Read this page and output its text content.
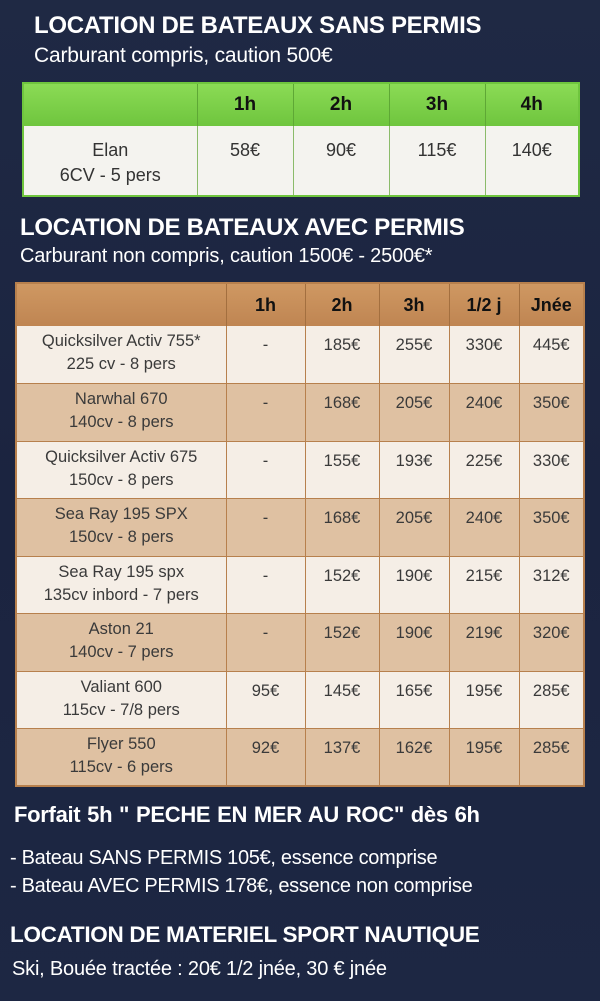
LOCATION DE BATEAUX SANS PERMIS
Carburant compris, caution 500€
	1h	2h	3h	4h

Elan
6CV - 5 pers	58€	90€	115€	140€
LOCATION DE BATEAUX AVEC PERMIS
Carburant non compris, caution 1500€ - 2500€*
	1h	2h	3h	1/2 j	Jnée

Quicksilver Activ 755*
225 cv - 8 pers	-	185€	255€	330€	445€

Narwhal 670
140cv - 8 pers	-	168€	205€	240€	350€

Quicksilver Activ 675
150cv - 8 pers	-	155€	193€	225€	330€

Sea Ray 195 SPX
150cv - 8 pers	-	168€	205€	240€	350€

Sea Ray 195 spx
135cv inbord - 7 pers	-	152€	190€	215€	312€

Aston 21
140cv - 7 pers	-	152€	190€	219€	320€

Valiant 600
115cv - 7/8 pers	95€	145€	165€	195€	285€

Flyer 550
115cv - 6 pers	92€	137€	162€	195€	285€
Forfait 5h " PECHE EN MER AU ROC" dès 6h
- Bateau SANS PERMIS 105€, essence comprise
- Bateau AVEC PERMIS 178€, essence non comprise
LOCATION DE MATERIEL SPORT NAUTIQUE
Ski, Bouée tractée : 20€ 1/2 jnée, 30 € jnée
